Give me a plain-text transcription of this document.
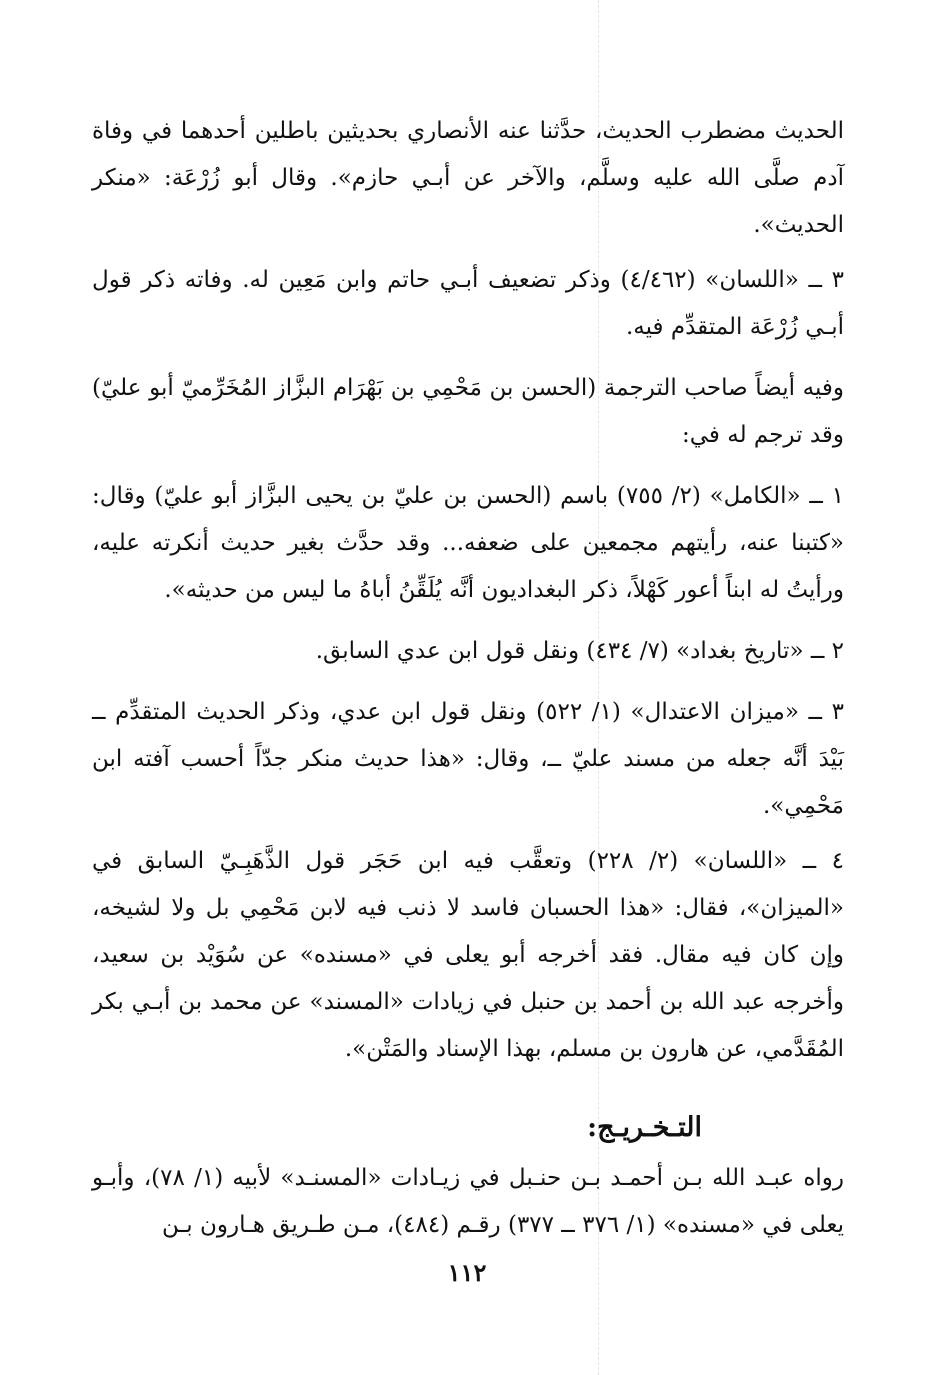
الحديث مضطرب الحديث، حدَّثنا عنه الأنصاري بحديثين باطلين أحدهما في وفاة آدم صلَّى الله عليه وسلَّم، والآخر عن أبـي حازم». وقال أبو زُرْعَة: «منكر الحديث».

٣ ــ «اللسان» (٤/٤٦٢) وذكر تضعيف أبـي حاتم وابن مَعِين له. وفاته ذكر قول أبـي زُرْعَة المتقدِّم فيه.

وفيه أيضاً صاحب الترجمة (الحسن بن مَحْمِي بن بَهْرَام البزَّاز المُخَرِّميّ أبو عليّ) وقد ترجم له في:

١ ــ «الكامل» (٢/ ٧٥٥) باسم (الحسن بن عليّ بن يحيى البزَّاز أبو عليّ) وقال: «كتبنا عنه، رأيتهم مجمعين على ضعفه... وقد حدَّث بغير حديث أنكرته عليه، ورأيتُ له ابناً أعور كَهْلاً، ذكر البغداديون أنَّه يُلَقِّنُ أباهُ ما ليس من حديثه».

٢ ــ «تاريخ بغداد» (٧/ ٤٣٤) ونقل قول ابن عدي السابق.

٣ ــ «ميزان الاعتدال» (١/ ٥٢٢) ونقل قول ابن عدي، وذكر الحديث المتقدِّم ــ بَيْدَ أنَّه جعله من مسند عليّ ــ، وقال: «هذا حديث منكر جدّاً أحسب آفته ابن مَحْمِي».

٤ ــ «اللسان» (٢/ ٢٢٨) وتعقَّب فيه ابن حَجَر قول الذَّهَبِـيّ السابق في «الميزان»، فقال: «هذا الحسبان فاسد لا ذنب فيه لابن مَحْمِي بل ولا لشيخه، وإن كان فيه مقال. فقد أخرجه أبو يعلى في «مسنده» عن سُوَيْد بن سعيد، وأخرجه عبد الله بن أحمد بن حنبل في زيادات «المسند» عن محمد بن أبـي بكر المُقَدَّمي، عن هارون بن مسلم، بهذا الإسناد والمَتْن».

التـخـريـج:

رواه عبـد الله بـن أحمـد بـن حنـبل في زيـادات «المسنـد» لأبيه (١/ ٧٨)، وأبـو يعلى في «مسنده» (١/ ٣٧٦ ــ ٣٧٧) رقـم (٤٨٤)، مـن طـريق هـارون بـن

١١٢
